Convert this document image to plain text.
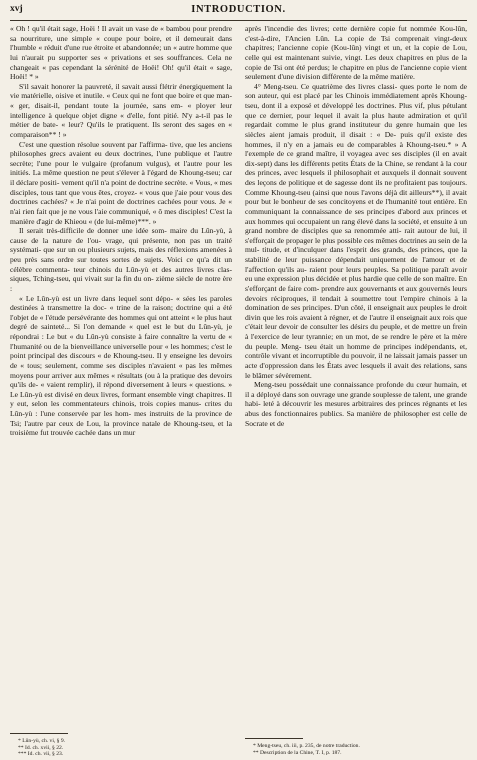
xvj	INTRODUCTION.

« Oh ! qu'il était sage, Hoëi ! Il avait un vase de « bambou pour prendre sa nourriture, une simple « coupe pour boire, et il demeurait dans l'humble « réduit d'une rue étroite et abandonnée; un « autre homme que lui n'aurait pu supporter ses « privations et ses souffrances. Cela ne changeait « pas cependant la sérénité de Hoëi! Oh! qu'il était « sage, Hoëi! * »

S'il savait honorer la pauvreté, il savait aussi flétrir énergiquement la vie matérielle, oisive et inutile. « Ceux qui ne font que boire et que man- « ger, disait-il, pendant toute la journée, sans em- « ployer leur intelligence à quelque objet digne « d'elle, font pitié. N'y a-t-il pas le métier de bate- « leur? Qu'ils le pratiquent. Ils seront des sages en « comparaison** ! »

C'est une question résolue souvent par l'affirma- tive, que les anciens philosophes grecs avaient eu deux doctrines, l'une publique et l'autre secrète; l'une pour le vulgaire (profanum vulgus), et l'autre pour les initiés. La même question ne peut s'élever à l'égard de Khoung-tseu; car il déclare positi- vement qu'il n'a point de doctrine secrète. « Vous, « mes disciples, tous tant que vous êtes, croyez- « vous que j'aie pour vous des doctrines cachées? « Je n'ai point de doctrines cachées pour vous. Je « n'ai rien fait que je ne vous l'aie communiqué, « ô mes disciples! C'est la manière d'agir de Khieou « (de lui-même)***. »

Il serait très-difficile de donner une idée som- maire du Lûn-yù, à cause de la nature de l'ou- vrage, qui présente, non pas un traité systémati- que sur un ou plusieurs sujets, mais des réflexions amenées à peu près sans ordre sur toutes sortes de sujets. Voici ce qu'a dit un célèbre commenta- teur chinois du Lûn-yù et des autres livres clas- siques, Tching-tseu, qui vivait sur la fin du on- zième siècle de notre ère :

« Le Lûn-yù est un livre dans lequel sont dépo- « sées les paroles destinées à transmettre la doc- « trine de la raison; doctrine qui a été l'objet de « l'étude persévérante des hommes qui ont atteint « le plus haut degré de sainteté... Si l'on demande « quel est le but du Lûn-yù, je répondrai : Le but « du Lûn-yù consiste à faire connaître la vertu de « l'humanité ou de la bienveillance universelle pour « les hommes; c'est le point principal des discours « de Khoung-tseu. Il y enseigne les devoirs de « tous; seulement, comme ses disciples n'avaient « pas les mêmes moyens pour arriver aux mêmes « résultats (ou à la pratique des devoirs qu'ils de- « vaient remplir), il répond diversement à leurs « questions. » Le Lûn-yù est divisé en deux livres, formant ensemble vingt chapitres. Il y eut, selon les commentateurs chinois, trois copies manus- crites du Lûn-yù : l'une conservée par les hom- mes instruits de la province de Tsi; l'autre par ceux de Lou, la province natale de Khoung-tseu, et la troisième fut trouvée cachée dans un mur

après l'incendie des livres; cette dernière copie fut nommée Kou-lûn, c'est-à-dire, l'Ancien Lûn. La copie de Tsi comprenait vingt-deux chapitres; l'ancienne copie (Kou-lûn) vingt et un, et la copie de Lou, celle qui est maintenant suivie, vingt. Les deux chapitres en plus de la copie de Tsi ont été perdus; le chapitre en plus de l'ancienne copie vient seulement d'une division différente de la même matière.

4° Meng-tseu. Ce quatrième des livres classi- ques porte le nom de son auteur, qui est placé par les Chinois immédiatement après Khoung-tseu, dont il a exposé et développé les doctrines. Plus vif, plus pétulant que ce dernier, pour lequel il avait la plus haute admiration et qu'il regardait comme le plus grand instituteur du genre humain que les siècles aient jamais produit, il disait : « De- puis qu'il existe des hommes, il n'y en a jamais eu de comparables à Khoung-tseu.* » A l'exemple de ce grand maître, il voyagea avec ses disciples (il en avait dix-sept) dans les différents petits États de la Chine, se rendant à la cour des princes, avec lesquels il philosophait et auxquels il donnait souvent des leçons de politique et de sagesse dont ils ne profitaient pas toujours. Comme Khoung-tseu (ainsi que nous l'avons déjà dit ailleurs**), il avait pour but le bonheur de ses concitoyens et de l'humanité tout entière. En communiquant la connaissance de ses principes d'abord aux princes et aux hommes qui occupaient un rang élevé dans la société, et ensuite à un grand nombre de disciples que sa renommée atti- rait autour de lui, il s'efforçait de propager le plus possible ces mêmes doctrines au sein de la mul- titude, et d'inculquer dans l'esprit des grands, des princes, que la stabilité de leur puissance dépendait uniquement de l'amour et de l'affection qu'ils au- raient pour leurs peuples. Sa politique paraît avoir eu une expression plus décidée et plus hardie que celle de son maître. En s'efforçant de faire com- prendre aux gouvernants et aux gouvernés leurs devoirs réciproques, il tendait à soumettre tout l'empire chinois à la domination de ses principes. D'un côté, il enseignait aux peuples le droit divin que les rois avaient à régner, et de l'autre il enseignait aux rois que c'était leur devoir de consulter les désirs du peuple, et de mettre un frein à l'exercice de leur tyrannie; en un mot, de se rendre le père et la mère du peuple. Meng- tseu était un homme de principes indépendants, et, contrôle vivant et incorruptible du pouvoir, il ne laissait jamais passer un acte d'oppression dans les États avec lesquels il avait des relations, sans le blâmer sévèrement.

Meng-tseu possédait une connaissance profonde du cœur humain, et il a déployé dans son ouvrage une grande souplesse de talent, une grande habi- leté à découvrir les mesures arbitraires des princes régnants et les abus des fonctionnaires publics. Sa manière de philosopher est celle de Socrate et de

* Lûn-yù, ch. vi, § 9.

** Id. ch. xvii, § 22.

*** Id. ch. vii, § 23.

* Meng-tseu, ch. iii, p. 235, de notre traduction.

** Description de la Chine, T. I, p. 187.
